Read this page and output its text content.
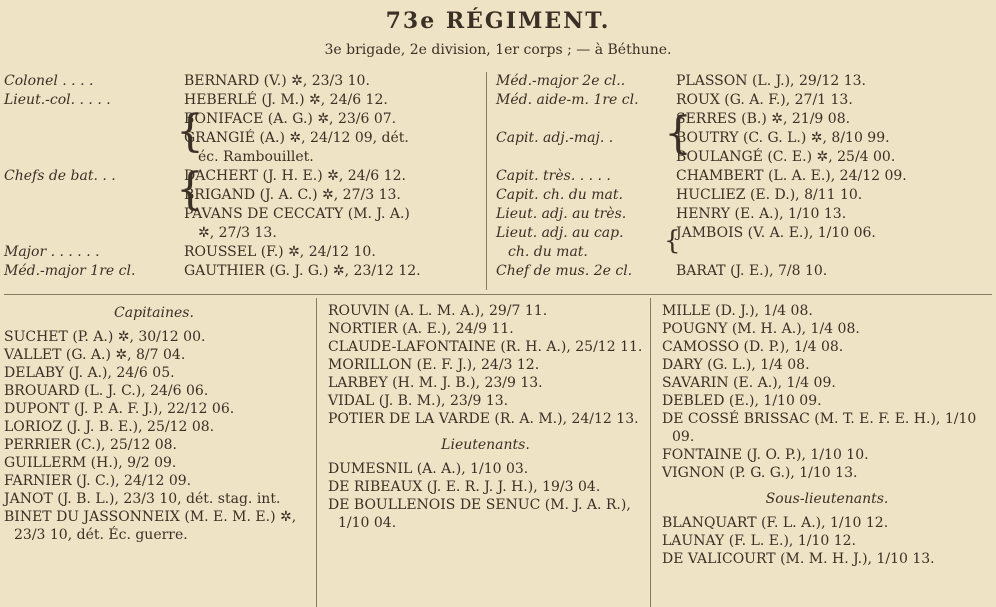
73e RÉGIMENT.
3e brigade, 2e division, 1er corps ; — à Béthune.
Colonel . . . .	BERNARD (V.) ✲, 23/3 10.
Lieut.-col. . . . .	HEBERLÉ (J. M.) ✲, 24/6 12.
BONIFACE (A. G.) ✲, 23/6 07.
GRANGIÉ (A.) ✲, 24/12 09, dét.
éc. Rambouillet.
Chefs de bat. . .	DACHERT (J. H. E.) ✲, 24/6 12.
BRIGAND (J. A. C.) ✲, 27/3 13.
PAVANS DE CECCATY (M. J. A.)
✲, 27/3 13.
Major . . . . . .	ROUSSEL (F.) ✲, 24/12 10.
Méd.-major 1re cl.	GAUTHIER (G. J. G.) ✲, 23/12 12.
Méd.-major 2e cl..	PLASSON (L. J.), 29/12 13.
Méd. aide-m. 1re cl.	ROUX (G. A. F.), 27/1 13.
SERRES (B.) ✲, 21/9 08.
Capit. adj.-maj. .	BOUTRY (C. G. L.) ✲, 8/10 99.
BOULANGÉ (C. E.) ✲, 25/4 00.
Capit. très. . . . .	CHAMBERT (L. A. E.), 24/12 09.
Capit. ch. du mat.	HUCLIEZ (E. D.), 8/11 10.
Lieut. adj. au très.	HENRY (E. A.), 1/10 13.
Lieut. adj. au cap.	JAMBOIS (V. A. E.), 1/10 06.
ch. du mat.
Chef de mus. 2e cl.	BARAT (J. E.), 7/8 10.
{
{
{
{
Capitaines.
SUCHET (P. A.) ✲, 30/12 00.
VALLET (G. A.) ✲, 8/7 04.
DELABY (J. A.), 24/6 05.
BROUARD (L. J. C.), 24/6 06.
DUPONT (J. P. A. F. J.), 22/12 06.
LORIOZ (J. J. B. E.), 25/12 08.
PERRIER (C.), 25/12 08.
GUILLERM (H.), 9/2 09.
FARNIER (J. C.), 24/12 09.
JANOT (J. B. L.), 23/3 10, dét. stag. int.
BINET DU JASSONNEIX (M. E. M. E.) ✲, 23/3 10, dét. Éc. guerre.
ROUVIN (A. L. M. A.), 29/7 11.
NORTIER (A. E.), 24/9 11.
CLAUDE-LAFONTAINE (R. H. A.), 25/12 11.
MORILLON (E. F. J.), 24/3 12.
LARBEY (H. M. J. B.), 23/9 13.
VIDAL (J. B. M.), 23/9 13.
POTIER DE LA VARDE (R. A. M.), 24/12 13.
Lieutenants.
DUMESNIL (A. A.), 1/10 03.
DE RIBEAUX (J. E. R. J. J. H.), 19/3 04.
DE BOULLENOIS DE SENUC (M. J. A. R.), 1/10 04.
MILLE (D. J.), 1/4 08.
POUGNY (M. H. A.), 1/4 08.
CAMOSSO (D. P.), 1/4 08.
DARY (G. L.), 1/4 08.
SAVARIN (E. A.), 1/4 09.
DEBLED (E.), 1/10 09.
DE COSSÉ BRISSAC (M. T. E. F. E. H.), 1/10 09.
FONTAINE (J. O. P.), 1/10 10.
VIGNON (P. G. G.), 1/10 13.
Sous-lieutenants.
BLANQUART (F. L. A.), 1/10 12.
LAUNAY (F. L. E.), 1/10 12.
DE VALICOURT (M. M. H. J.), 1/10 13.
